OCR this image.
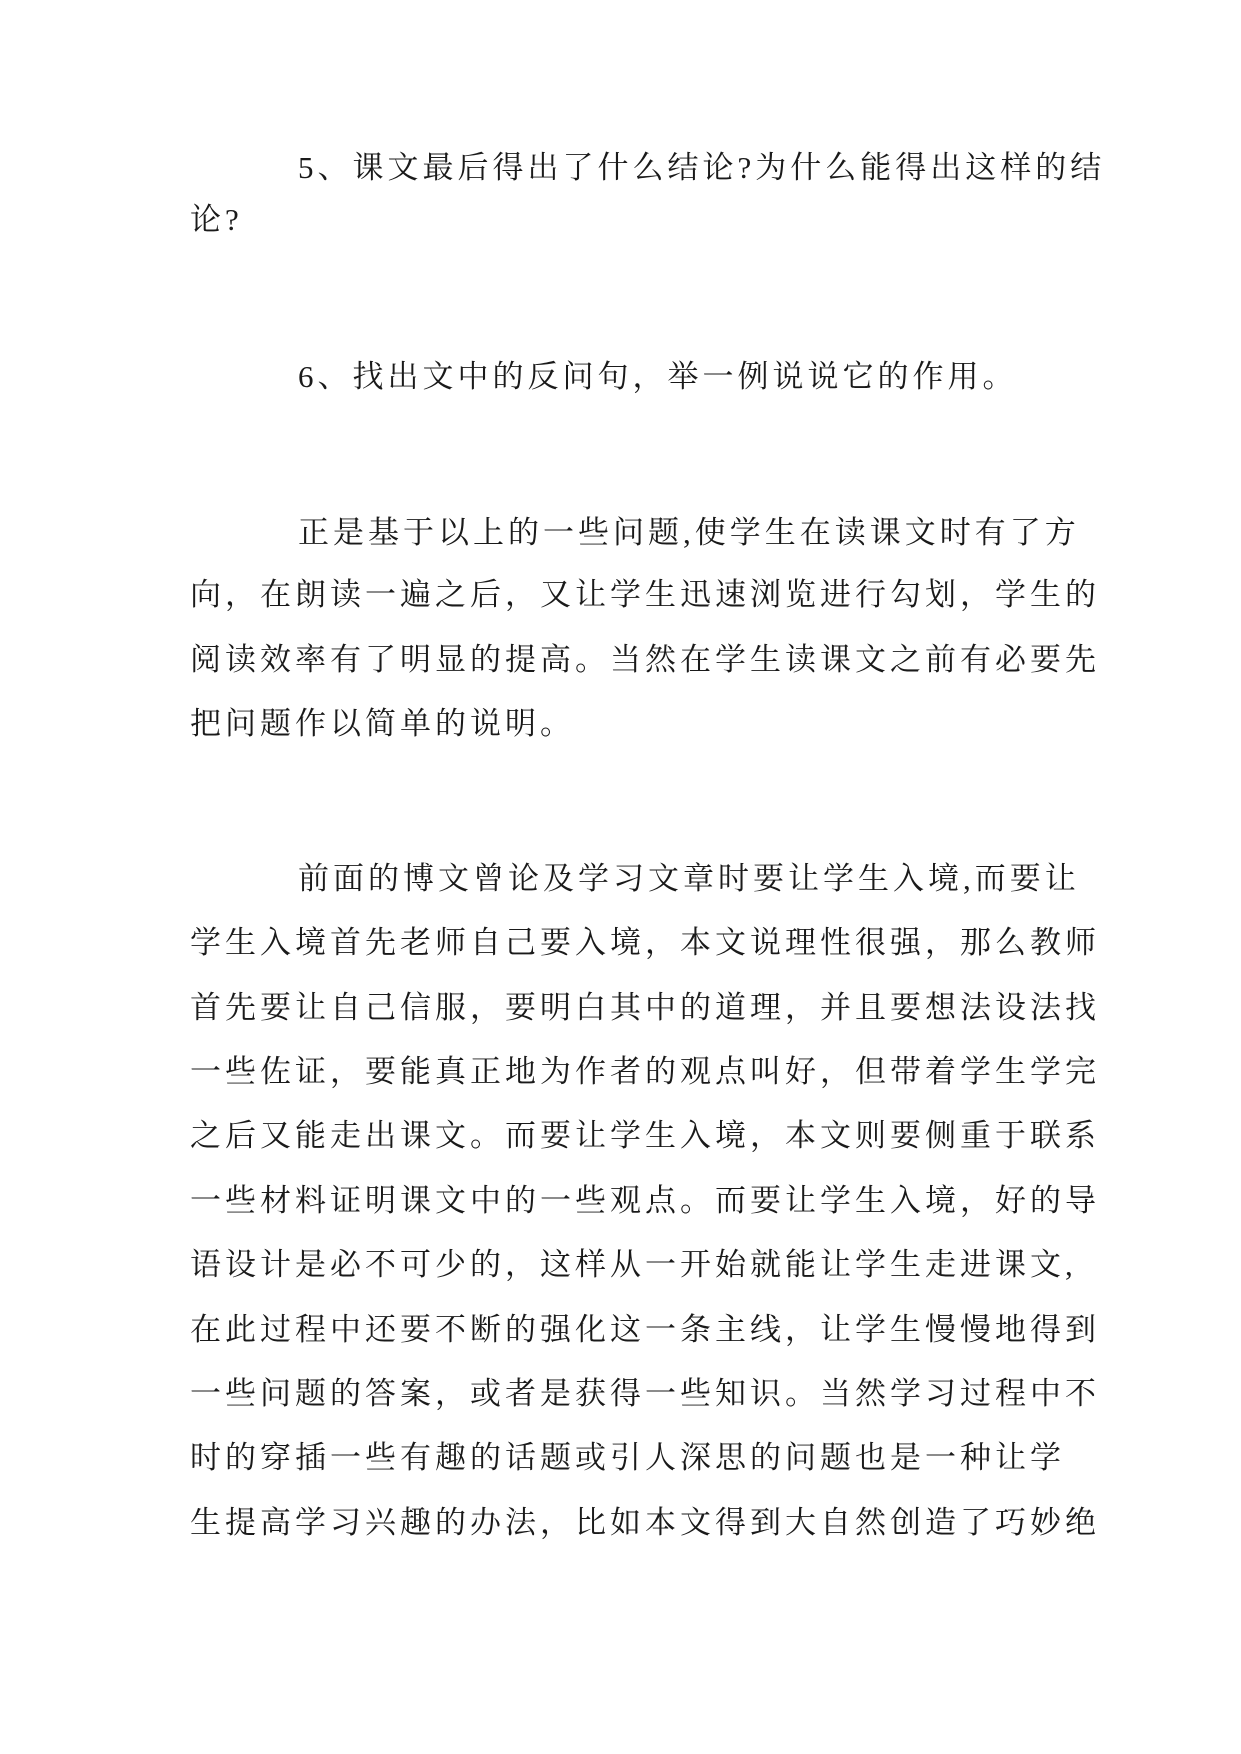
5、课文最后得出了什么结论?为什么能得出这样的结
论?
6、找出文中的反问句，举一例说说它的作用。
正是基于以上的一些问题,使学生在读课文时有了方
向，在朗读一遍之后，又让学生迅速浏览进行勾划，学生的
阅读效率有了明显的提高。当然在学生读课文之前有必要先
把问题作以简单的说明。
前面的博文曾论及学习文章时要让学生入境,而要让
学生入境首先老师自己要入境，本文说理性很强，那么教师
首先要让自己信服，要明白其中的道理，并且要想法设法找
一些佐证，要能真正地为作者的观点叫好，但带着学生学完
之后又能走出课文。而要让学生入境，本文则要侧重于联系
一些材料证明课文中的一些观点。而要让学生入境，好的导
语设计是必不可少的，这样从一开始就能让学生走进课文,
在此过程中还要不断的强化这一条主线，让学生慢慢地得到
一些问题的答案，或者是获得一些知识。当然学习过程中不
时的穿插一些有趣的话题或引人深思的问题也是一种让学
生提高学习兴趣的办法，比如本文得到大自然创造了巧妙绝
